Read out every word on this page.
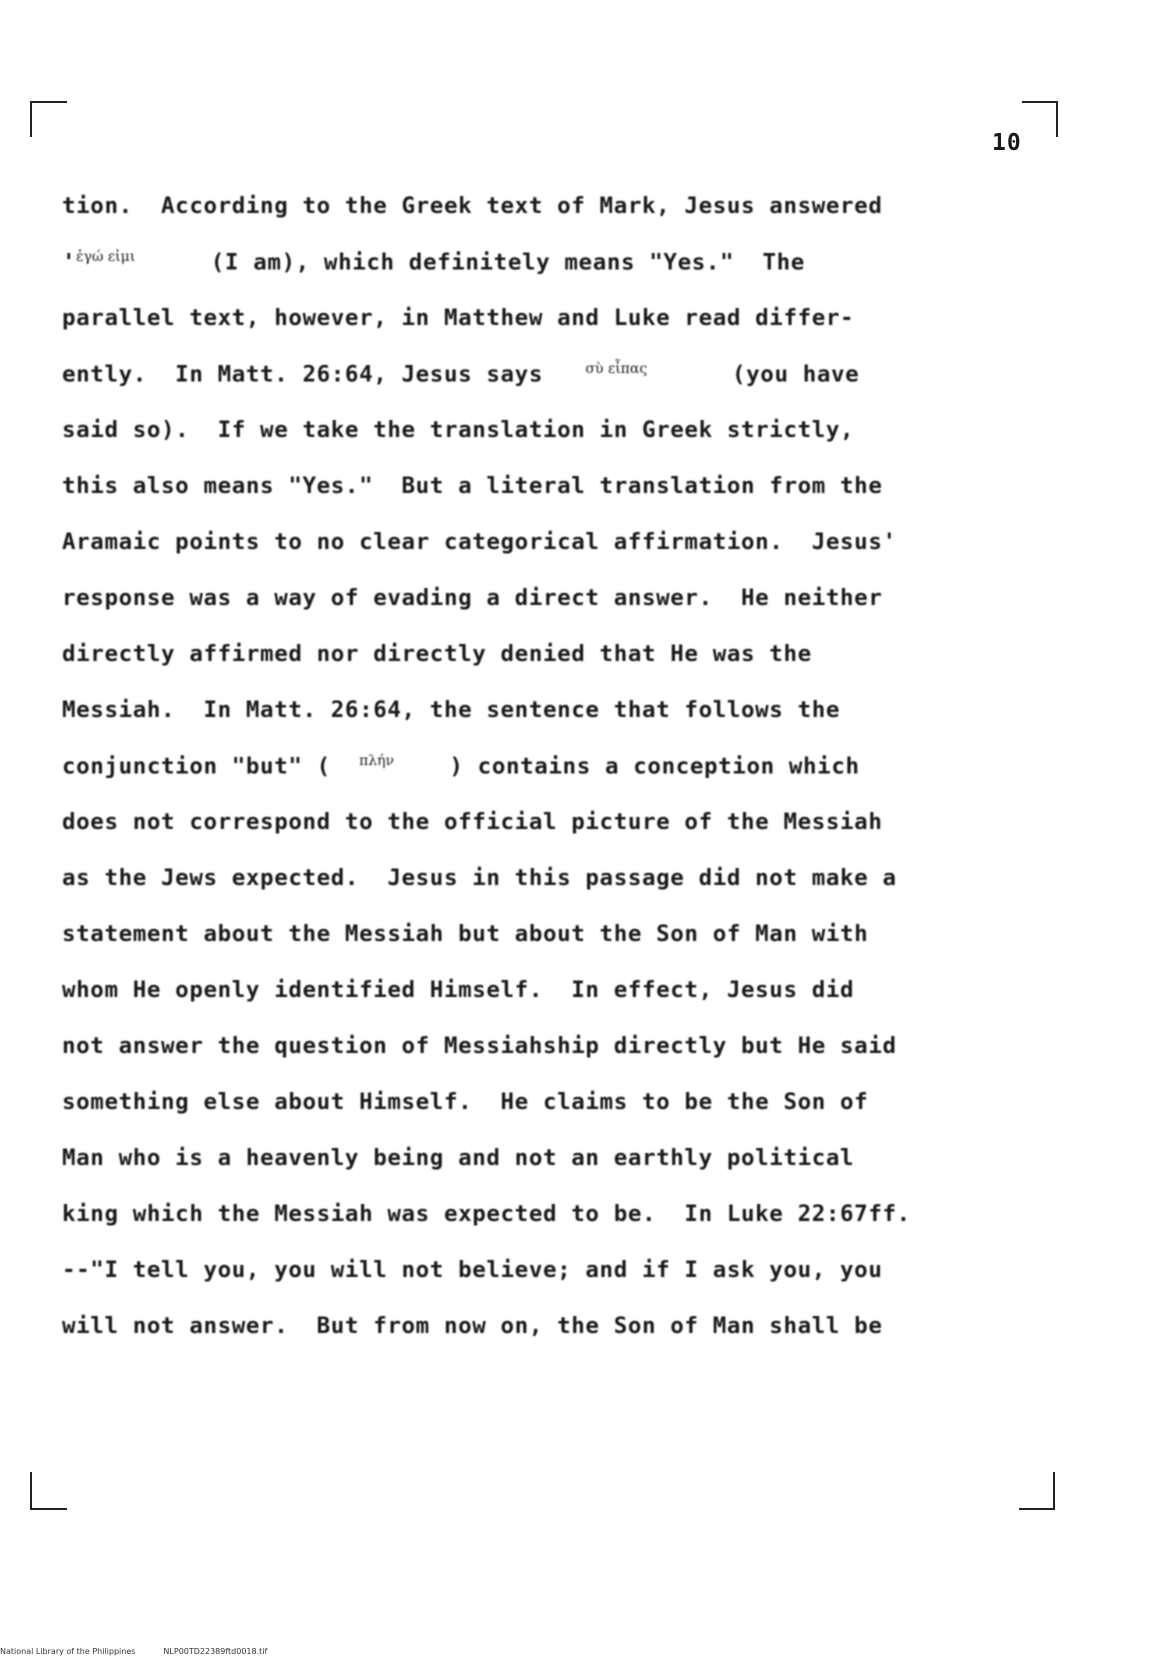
10
tion.  According to the Greek text of Mark, Jesus answered
'ἐγώ εἰμι	(I am), which definitely means "Yes."  The
parallel text, however, in Matthew and Luke read differ-
ently.  In Matt. 26:64, Jesus says	σὺ εἶπας	(you have
said so).  If we take the translation in Greek strictly,
this also means "Yes."  But a literal translation from the
Aramaic points to no clear categorical affirmation.  Jesus'
response was a way of evading a direct answer.  He neither
directly affirmed nor directly denied that He was the
Messiah.  In Matt. 26:64, the sentence that follows the
conjunction "but" ( πλήν ) contains a conception which
does not correspond to the official picture of the Messiah
as the Jews expected.  Jesus in this passage did not make a
statement about the Messiah but about the Son of Man with
whom He openly identified Himself.  In effect, Jesus did
not answer the question of Messiahship directly but He said
something else about Himself.  He claims to be the Son of
Man who is a heavenly being and not an earthly political
king which the Messiah was expected to be.  In Luke 22:67ff.
--"I tell you, you will not believe; and if I ask you, you
will not answer.  But from now on, the Son of Man shall be
National Library of the Philippines	NLP00TD22389ftd0018.tif
